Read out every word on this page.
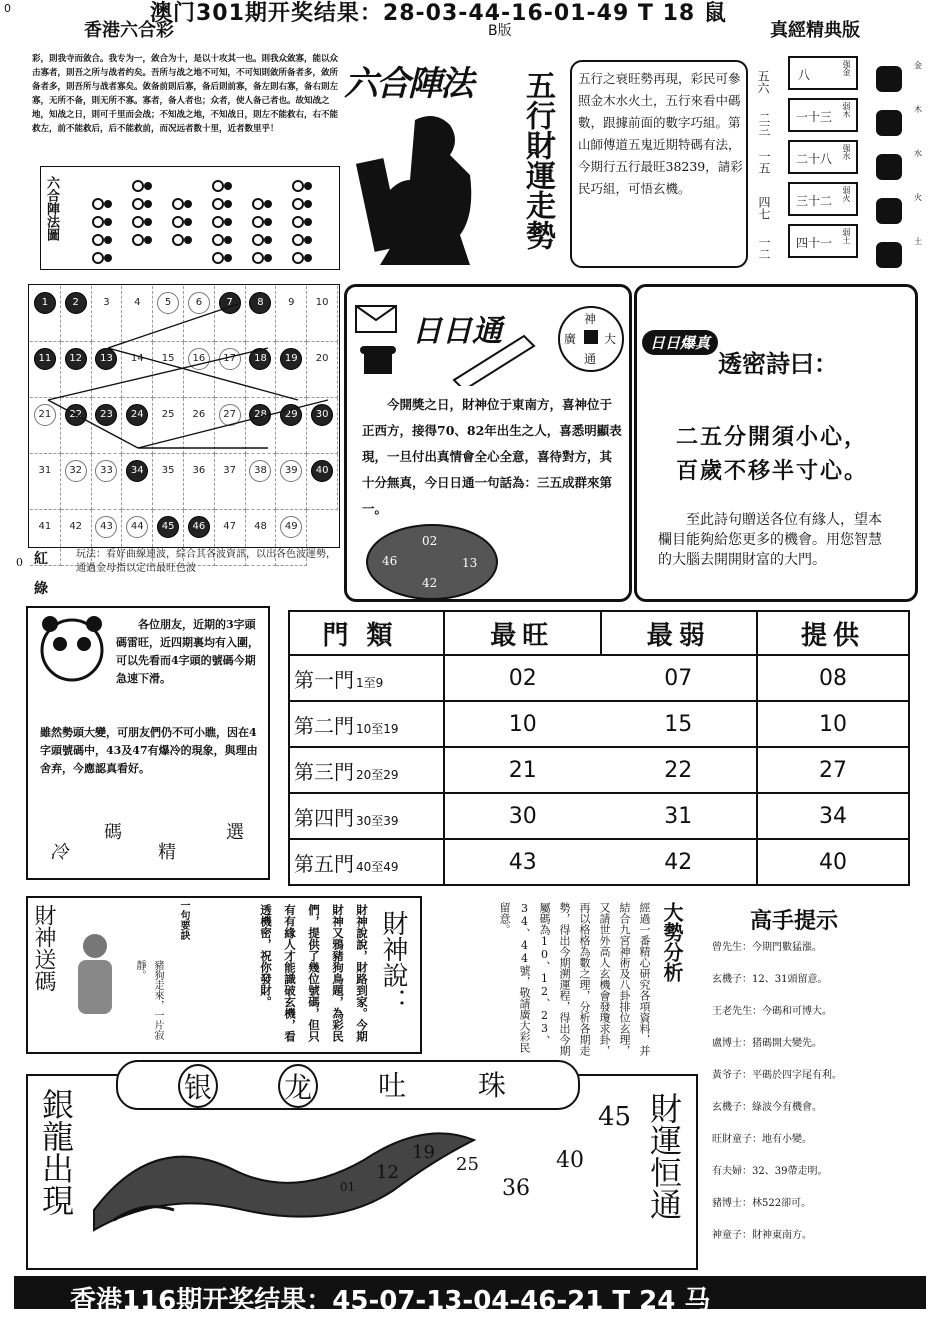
0	澳门301期开奖结果：28-03-44-16-01-49 T 18 鼠
香港六合彩	B版	真經精典版
彩，則我寺而敛合。我专为一，敛合为十，是以十攻其一也。則我众敛寡，能以众击寡者，則吾之所与战者约矣。吾所与战之地不可知，不可知則敛所备者多，敛所备者多，則吾所与战者寡矣。敛备前則后寡，备后則前寡，备左則右寡，备右則左寡，无所不备，則无所不寡。寡者，备人者也；众者，使人备己者也。故知战之地，知战之日，則可千里而会战；不知战之地，不知战日，則左不能救右，右不能救左，前不能救后，后不能救前，而况远者数十里，近者数里乎！
六合陣法圖
六合陣法 五行財運走勢 五行之衰旺勢再現，彩民可參照金木水火土，五行來看中碼數，跟據前面的數字巧組。第山師傅道五鬼近期特碼有法，今期行五行最旺38239，請彩民巧組，可悟玄機。
五六
二三
一五
四七
一二
八	强金
一十三 弱木
二十八 强水
三十二 弱火
四十一 弱土
金
木
水
火
土
1	2	3	4	5	6	7	8	9	10
11	12	13	14	15	16	17	18	19	20
21	22	23	24	25	26	27	28	29	30
31	32	33	34	35	36	37	38	39	40
41	42	43	44	45	46	47	48	49	
紅
綠
0
玩法：看好曲線連波，綜合其各波資訊，以出各色波運勢，通過金母指以定出最旺色波
日日通	神
廣 大
通
今開獎之日，財神位于東南方，喜神位于正西方，接得70、82年出生之人，喜悉明顯表現，一旦付出真情會全心全意，喜待對方，其十分無真，今日日通一句話為：三五成群來第一。
46
02
13
42
日日爆真
透密詩曰：
二五分開須小心，
百歲不移半寸心。
至此詩句贈送各位有緣人，望本欄目能夠給您更多的機會。用您智慧的大腦去開開財富的大門。
各位朋友，近期的3字頭碼雷旺，近四期裏均有入圍，可以先看而4字頭的號碼今期急速下滑。
雖然勢頭大變，可朋友們仍不可小瞧，因在4字頭號碼中，43及47有爆冷的現象，與理由舍弃，今應認真看好。
冷
碼
精
選
門類	最旺	最弱	提供
第一門 1至9	02	07	08
第二門 10至19	10	15	10
第三門 20至29	21	22	27
第四門 30至39	30	31	34
第五門 40至49	43	42	40
財神送碼	一句要訣
豬狗走來，一片寂靜。	財神說：
財神說說，財路到家。今期財神又鴉豬狗鳥題，為彩民們，提供了幾位號碼，但只有有緣人才能識破玄機，看透機密，祝你發財。	大勢分析
經過一番精心研究各項資料，并結合九宮神術及八卦排位玄理，又請世外高人玄機會發瓊求卦，再以格格為數之理，分析各期走勢，得出今期溯運程，得出今期屬碼為10、12、23、34、44號，敬請廣大彩民留意。	高手提示
曾先生：今期門數猛漲。
玄機子：12、31頭留意。
王老先生：今碼和可博大。
盧博士：猪碼開大變先。
黃爷子：平碼於四字尾有利。
玄機子：綠波今有機會。
旺財童子：地有小變。
有夫婦：32、39帶走明。
豬博士：林522卻可。
神童子：財神東南方。
银	龙 吐	珠
銀龍出現	財運恒通
12
19
25
36
40
45
01
香港116期开奖结果：45-07-13-04-46-21 T 24 马
